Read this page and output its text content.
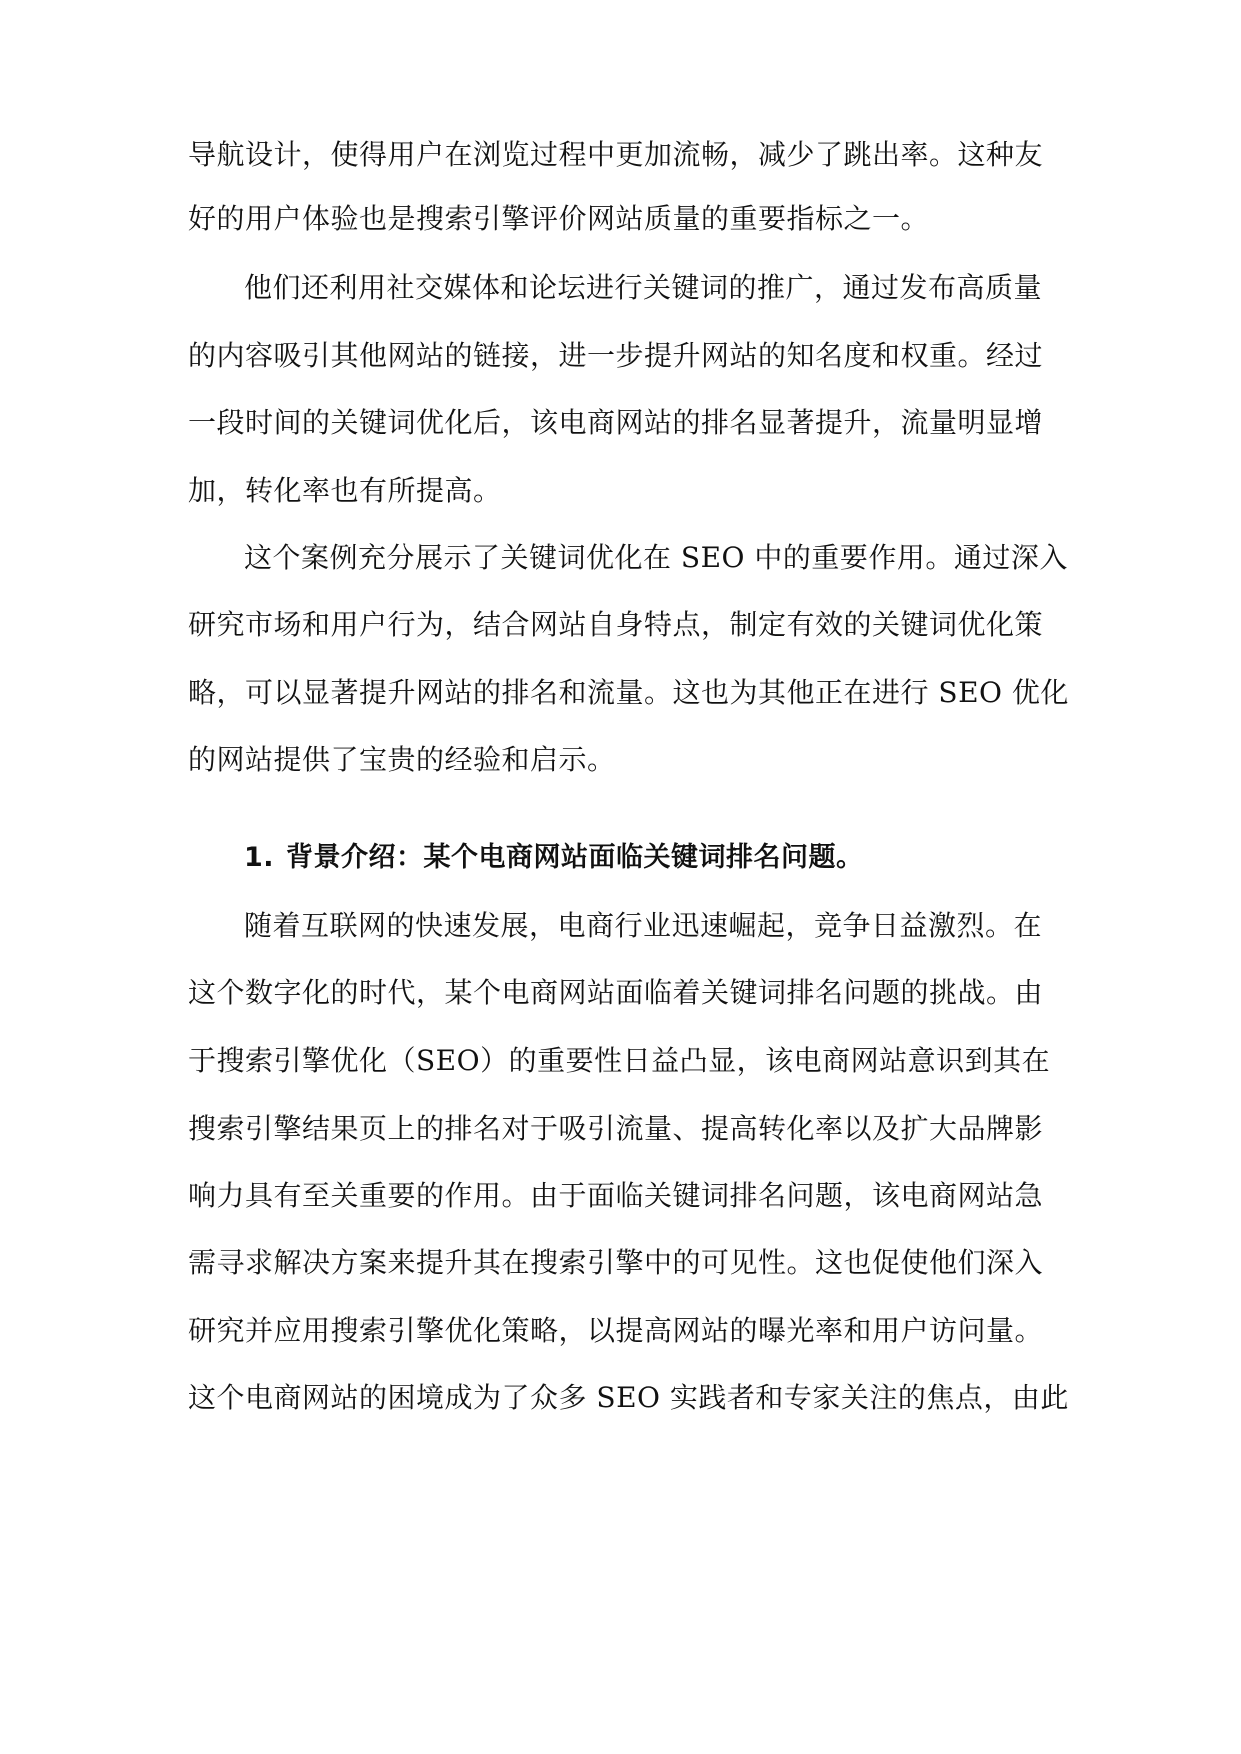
导航设计，使得用户在浏览过程中更加流畅，减少了跳出率。这种友
好的用户体验也是搜索引擎评价网站质量的重要指标之一。
他们还利用社交媒体和论坛进行关键词的推广，通过发布高质量
的内容吸引其他网站的链接，进一步提升网站的知名度和权重。经过
一段时间的关键词优化后，该电商网站的排名显著提升，流量明显增
加，转化率也有所提高。
这个案例充分展示了关键词优化在 SEO 中的重要作用。通过深入
研究市场和用户行为，结合网站自身特点，制定有效的关键词优化策
略，可以显著提升网站的排名和流量。这也为其他正在进行 SEO 优化
的网站提供了宝贵的经验和启示。
1. 背景介绍：某个电商网站面临关键词排名问题。
随着互联网的快速发展，电商行业迅速崛起，竞争日益激烈。在
这个数字化的时代，某个电商网站面临着关键词排名问题的挑战。由
于搜索引擎优化（SEO）的重要性日益凸显，该电商网站意识到其在
搜索引擎结果页上的排名对于吸引流量、提高转化率以及扩大品牌影
响力具有至关重要的作用。由于面临关键词排名问题，该电商网站急
需寻求解决方案来提升其在搜索引擎中的可见性。这也促使他们深入
研究并应用搜索引擎优化策略，以提高网站的曝光率和用户访问量。
这个电商网站的困境成为了众多 SEO 实践者和专家关注的焦点，由此
